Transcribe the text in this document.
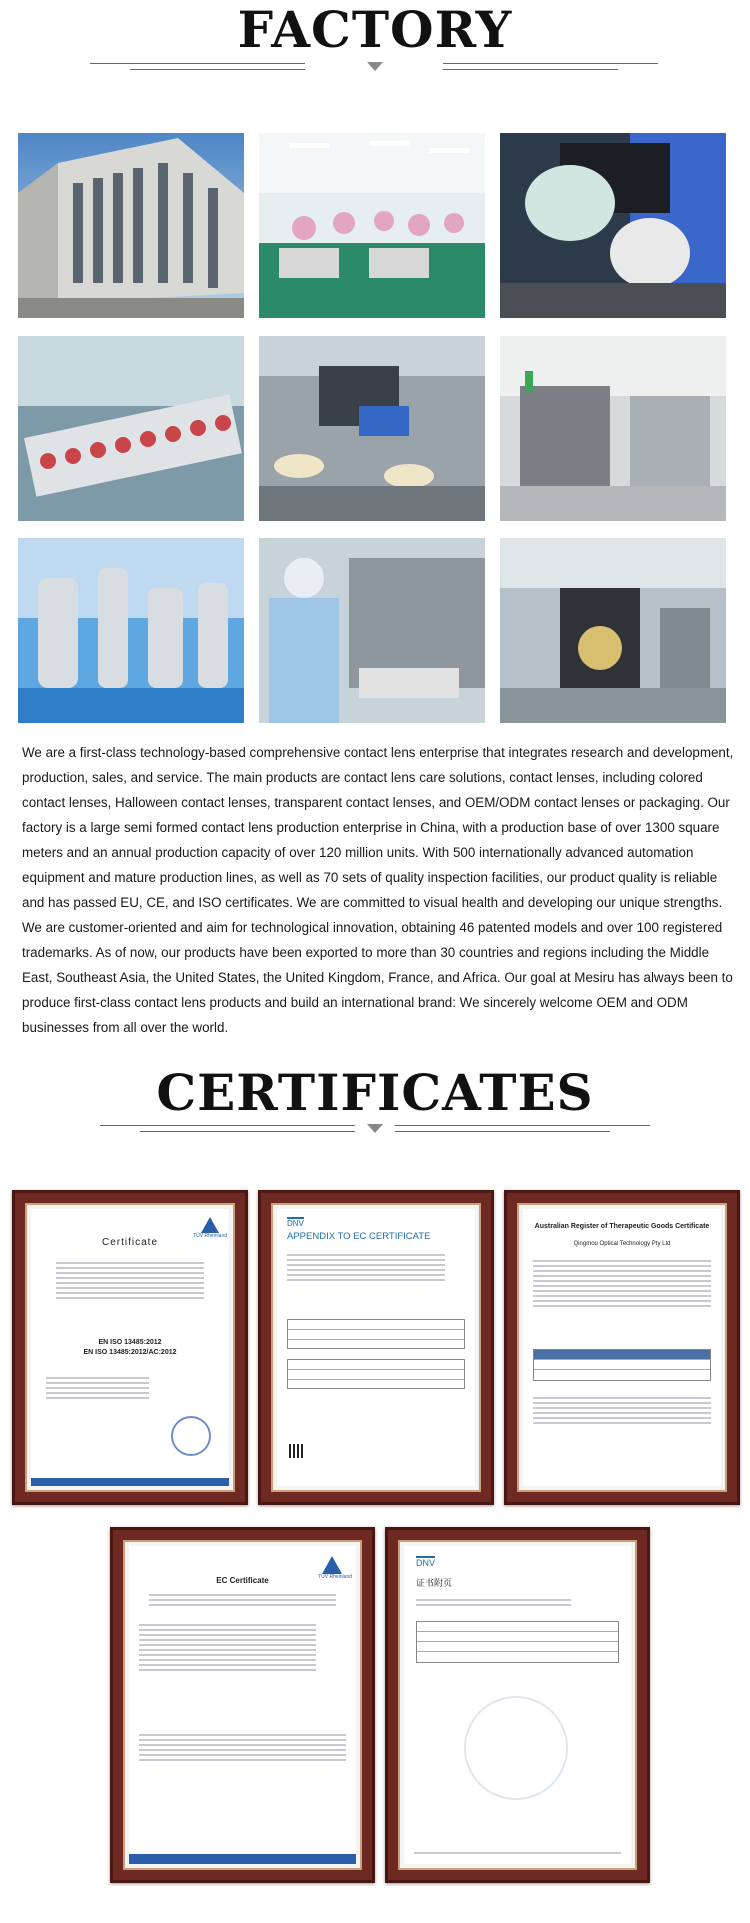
FACTORY
We are a first-class technology-based comprehensive contact lens enterprise that integrates research and development, production, sales, and service. The main products are contact lens care solutions, contact lenses, including colored contact lenses, Halloween contact lenses, transparent contact lenses, and OEM/ODM contact lenses or packaging. Our factory is a large semi formed contact lens production enterprise in China, with a production base of over 1300 square meters and an annual production capacity of over 120 million units. With 500 internationally advanced automation equipment and mature production lines, as well as 70 sets of quality inspection facilities, our product quality is reliable and has passed EU, CE, and ISO certificates. We are committed to visual health and developing our unique strengths. We are customer-oriented and aim for technological innovation, obtaining 46 patented models and over 100 registered trademarks. As of now, our products have been exported to more than 30 countries and regions including the Middle East, Southeast Asia, the United States, the United Kingdom, France, and Africa. Our goal at Mesiru has always been to produce first-class contact lens products and build an international brand: We sincerely welcome OEM and ODM businesses from all over the world.
CERTIFICATES
TÜV Rheinland
Certificate
EN ISO 13485:2012
EN ISO 13485:2012/AC:2012
DNV
APPENDIX TO EC CERTIFICATE
Australian Register of Therapeutic Goods Certificate
Qingmou Optical Technology Pty Ltd
TÜV Rheinland
EC Certificate
DNV
证书附页
